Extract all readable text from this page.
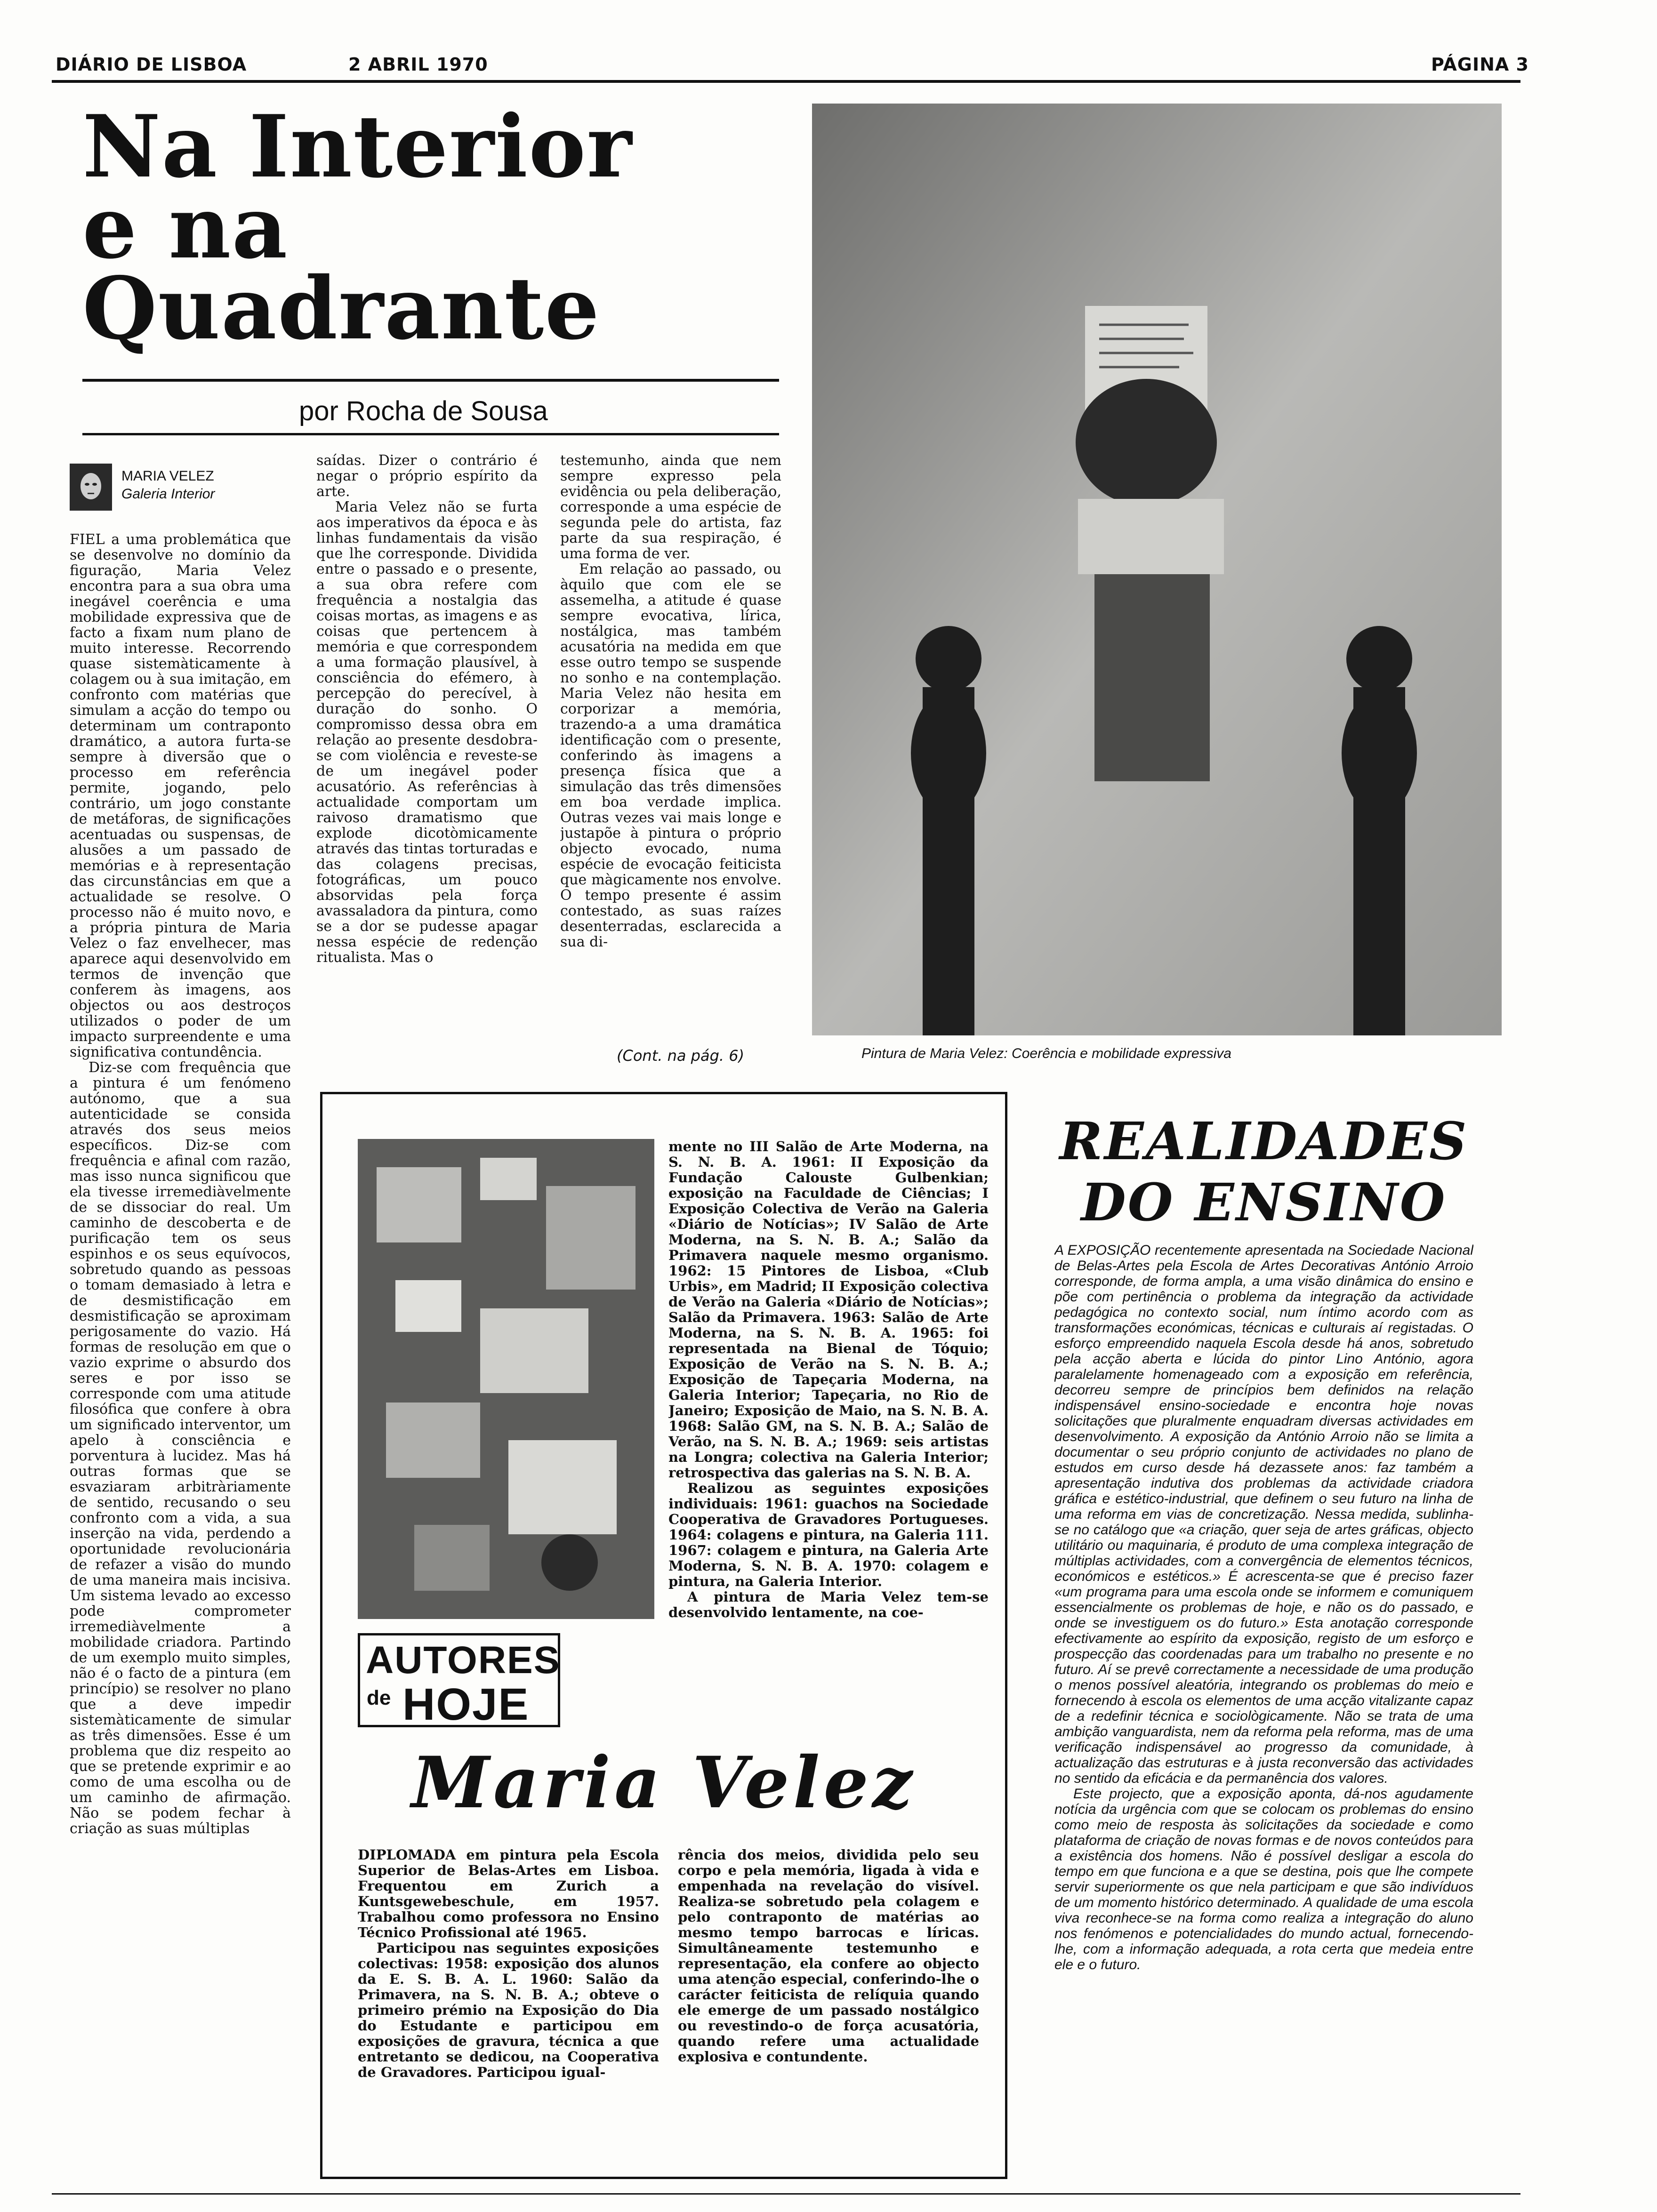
DIÁRIO DE LISBOA	2 ABRIL 1970	PÁGINA 3
Na Interior
e na
Quadrante
por Rocha de Sousa
MARIA VELEZ
Galeria Interior

FIEL a uma problemática que se desenvolve no domínio da figuração, Maria Velez encontra para a sua obra uma inegável coerência e uma mobilidade expressiva que de facto a fixam num plano de muito interesse. Recorrendo quase sistemàticamente à colagem ou à sua imitação, em confronto com matérias que simulam a acção do tempo ou determinam um contraponto dramático, a autora furta-se sempre à diversão que o processo em referência permite, jogando, pelo contrário, um jogo constante de metáforas, de significações acentuadas ou suspensas, de alusões a um passado de memórias e à representação das circunstâncias em que a actualidade se resolve. O processo não é muito novo, e a própria pintura de Maria Velez o faz envelhecer, mas aparece aqui desenvolvido em termos de invenção que conferem às imagens, aos objectos ou aos destroços utilizados o poder de um impacto surpreendente e uma significativa contundência.

Diz-se com frequência que a pintura é um fenómeno autónomo, que a sua autenticidade se consida através dos seus meios específicos. Diz-se com frequência e afinal com razão, mas isso nunca significou que ela tivesse irremediàvelmente de se dissociar do real. Um caminho de descoberta e de purificação tem os seus espinhos e os seus equívocos, sobretudo quando as pessoas o tomam demasiado à letra e de desmistificação em desmistificação se aproximam perigosamente do vazio. Há formas de resolução em que o vazio exprime o absurdo dos seres e por isso se corresponde com uma atitude filosófica que confere à obra um significado interventor, um apelo à consciência e porventura à lucidez. Mas há outras formas que se esvaziaram arbitràriamente de sentido, recusando o seu confronto com a vida, a sua inserção na vida, perdendo a oportunidade revolucionária de refazer a visão do mundo de uma maneira mais incisiva. Um sistema levado ao excesso pode comprometer irremediàvelmente a mobilidade criadora. Partindo de um exemplo muito simples, não é o facto de a pintura (em princípio) se resolver no plano que a deve impedir sistemàticamente de simular as três dimensões. Esse é um problema que diz respeito ao que se pretende exprimir e ao como de uma escolha ou de um caminho de afirmação. Não se podem fechar à criação as suas múltiplas

saídas. Dizer o contrário é negar o próprio espírito da arte.

Maria Velez não se furta aos imperativos da época e às linhas fundamentais da visão que lhe corresponde. Dividida entre o passado e o presente, a sua obra refere com frequência a nostalgia das coisas mortas, as imagens e as coisas que pertencem à memória e que correspondem a uma formação plausível, à consciência do efémero, à percepção do perecível, à duração do sonho. O compromisso dessa obra em relação ao presente desdobra-se com violência e reveste-se de um inegável poder acusatório. As referências à actualidade comportam um raivoso dramatismo que explode dicotòmicamente através das tintas torturadas e das colagens precisas, fotográficas, um pouco absorvidas pela força avassaladora da pintura, como se a dor se pudesse apagar nessa espécie de redenção ritualista. Mas o

testemunho, ainda que nem sempre expresso pela evidência ou pela deliberação, corresponde a uma espécie de segunda pele do artista, faz parte da sua respiração, é uma forma de ver.

Em relação ao passado, ou àquilo que com ele se assemelha, a atitude é quase sempre evocativa, lírica, nostálgica, mas também acusatória na medida em que esse outro tempo se suspende no sonho e na contemplação. Maria Velez não hesita em corporizar a memória, trazendo-a a uma dramática identificação com o presente, conferindo às imagens a presença física que a simulação das três dimensões em boa verdade implica. Outras vezes vai mais longe e justapõe à pintura o próprio objecto evocado, numa espécie de evocação feiticista que màgicamente nos envolve. O tempo presente é assim contestado, as suas raízes desenterradas, esclarecida a sua di-

(Cont. na pág. 6)	Pintura de Maria Velez: Coerência e mobilidade expressiva
AUTORES
de HOJE

mente no III Salão de Arte Moderna, na S. N. B. A. 1961: II Exposição da Fundação Calouste Gulbenkian; exposição na Faculdade de Ciências; I Exposição Colectiva de Verão na Galeria «Diário de Notícias»; IV Salão de Arte Moderna, na S. N. B. A.; Salão da Primavera naquele mesmo organismo. 1962: 15 Pintores de Lisboa, «Club Urbis», em Madrid; II Exposição colectiva de Verão na Galeria «Diário de Notícias»; Salão da Primavera. 1963: Salão de Arte Moderna, na S. N. B. A. 1965: foi representada na Bienal de Tóquio; Exposição de Verão na S. N. B. A.; Exposição de Tapeçaria Moderna, na Galeria Interior; Tapeçaria, no Rio de Janeiro; Exposição de Maio, na S. N. B. A. 1968: Salão GM, na S. N. B. A.; Salão de Verão, na S. N. B. A.; 1969: seis artistas na Longra; colectiva na Galeria Interior; retrospectiva das galerias na S. N. B. A.

Realizou as seguintes exposições individuais: 1961: guachos na Sociedade Cooperativa de Gravadores Portugueses. 1964: colagens e pintura, na Galeria 111. 1967: colagem e pintura, na Galeria Arte Moderna, S. N. B. A. 1970: colagem e pintura, na Galeria Interior.

A pintura de Maria Velez tem-se desenvolvido lentamente, na coe-

Maria Velez

DIPLOMADA em pintura pela Escola Superior de Belas-Artes em Lisboa. Frequentou em Zurich a Kuntsgewebeschule, em 1957. Trabalhou como professora no Ensino Técnico Profissional até 1965.

Participou nas seguintes exposições colectivas: 1958: exposição dos alunos da E. S. B. A. L. 1960: Salão da Primavera, na S. N. B. A.; obteve o primeiro prémio na Exposição do Dia do Estudante e participou em exposições de gravura, técnica a que entretanto se dedicou, na Cooperativa de Gravadores. Participou igual-

rência dos meios, dividida pelo seu corpo e pela memória, ligada à vida e empenhada na revelação do visível. Realiza-se sobretudo pela colagem e pelo contraponto de matérias ao mesmo tempo barrocas e líricas. Simultâneamente testemunho e representação, ela confere ao objecto uma atenção especial, conferindo-lhe o carácter feiticista de relíquia quando ele emerge de um passado nostálgico ou revestindo-o de força acusatória, quando refere uma actualidade explosiva e contundente.

REALIDADES
DO ENSINO

A EXPOSIÇÃO recentemente apresentada na Sociedade Nacional de Belas-Artes pela Escola de Artes Decorativas António Arroio corresponde, de forma ampla, a uma visão dinâmica do ensino e põe com pertinência o problema da integração da actividade pedagógica no contexto social, num íntimo acordo com as transformações económicas, técnicas e culturais aí registadas. O esforço empreendido naquela Escola desde há anos, sobretudo pela acção aberta e lúcida do pintor Lino António, agora paralelamente homenageado com a exposição em referência, decorreu sempre de princípios bem definidos na relação indispensável ensino-sociedade e encontra hoje novas solicitações que pluralmente enquadram diversas actividades em desenvolvimento. A exposição da António Arroio não se limita a documentar o seu próprio conjunto de actividades no plano de estudos em curso desde há dezassete anos: faz também a apresentação indutiva dos problemas da actividade criadora gráfica e estético-industrial, que definem o seu futuro na linha de uma reforma em vias de concretização. Nessa medida, sublinha-se no catálogo que «a criação, quer seja de artes gráficas, objecto utilitário ou maquinaria, é produto de uma complexa integração de múltiplas actividades, com a convergência de elementos técnicos, económicos e estéticos.» É acrescenta-se que é preciso fazer «um programa para uma escola onde se informem e comuniquem essencialmente os problemas de hoje, e não os do passado, e onde se investiguem os do futuro.» Esta anotação corresponde efectivamente ao espírito da exposição, registo de um esforço e prospecção das coordenadas para um trabalho no presente e no futuro. Aí se prevê correctamente a necessidade de uma produção o menos possível aleatória, integrando os problemas do meio e fornecendo à escola os elementos de uma acção vitalizante capaz de a redefinir técnica e sociològicamente. Não se trata de uma ambição vanguardista, nem da reforma pela reforma, mas de uma verificação indispensável ao progresso da comunidade, à actualização das estruturas e à justa reconversão das actividades no sentido da eficácia e da permanência dos valores.

Este projecto, que a exposição aponta, dá-nos agudamente notícia da urgência com que se colocam os problemas do ensino como meio de resposta às solicitações da sociedade e como plataforma de criação de novas formas e de novos conteúdos para a existência dos homens. Não é possível desligar a escola do tempo em que funciona e a que se destina, pois que lhe compete servir superiormente os que nela participam e que são indivíduos de um momento histórico determinado. A qualidade de uma escola viva reconhece-se na forma como realiza a integração do aluno nos fenómenos e potencialidades do mundo actual, fornecendo-lhe, com a informação adequada, a rota certa que medeia entre ele e o futuro.
